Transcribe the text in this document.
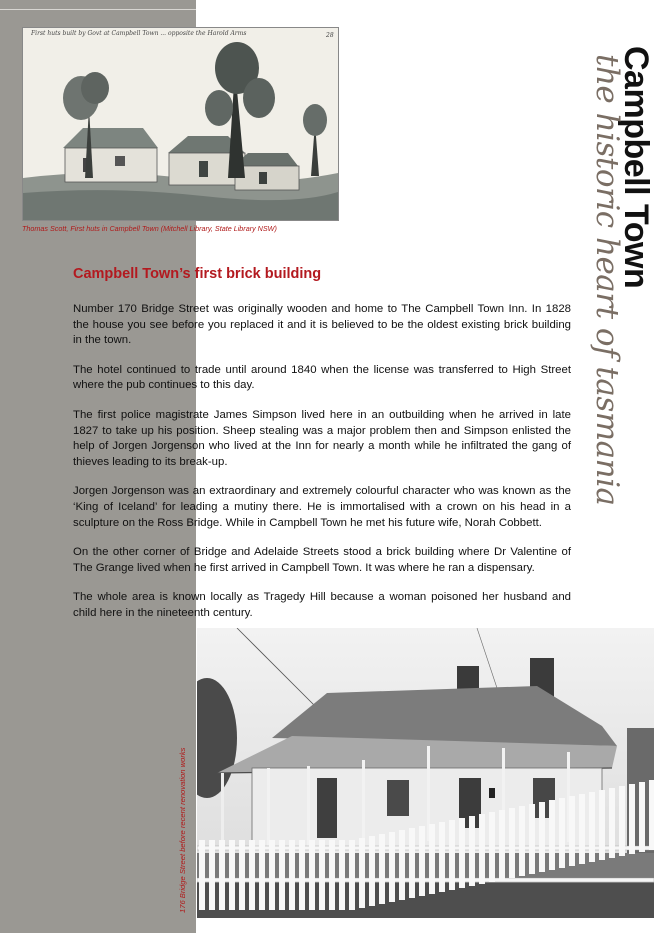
First huts built by Govt at Campbell Town ... opposite the Harold Arms	28
Thomas Scott, First huts in Campbell Town (Mitchell Library, State Library NSW)	Campbell Town
the historic heart of tasmania
Campbell Town’s first brick building

Number 170 Bridge Street was originally wooden and home to The Campbell Town Inn. In 1828 the house you see before you replaced it and it is believed to be the oldest existing brick building in the town.

The hotel continued to trade until around 1840 when the license was transferred to High Street where the pub continues to this day.

The first police magistrate James Simpson lived here in an outbuilding when he arrived in late 1827 to take up his position. Sheep stealing was a major problem then and Simpson enlisted the help of Jorgen Jorgenson who lived at the Inn for nearly a month while he infiltrated the gang of thieves leading to its break-up.

Jorgen Jorgenson was an extraordinary and extremely colourful character who was known as the ‘King of Iceland’ for leading a mutiny there. He is immortalised with a crown on his head in a sculpture on the Ross Bridge. While in Campbell Town he met his future wife, Norah Cobbett.

On the other corner of Bridge and Adelaide Streets stood a brick building where Dr Valentine of The Grange lived when he first arrived in Campbell Town. It was where he ran a dispensary.

The whole area is known locally as Tragedy Hill because a woman poisoned her husband and child here in the nineteenth century.

176 Bridge Street before recent renovation works
